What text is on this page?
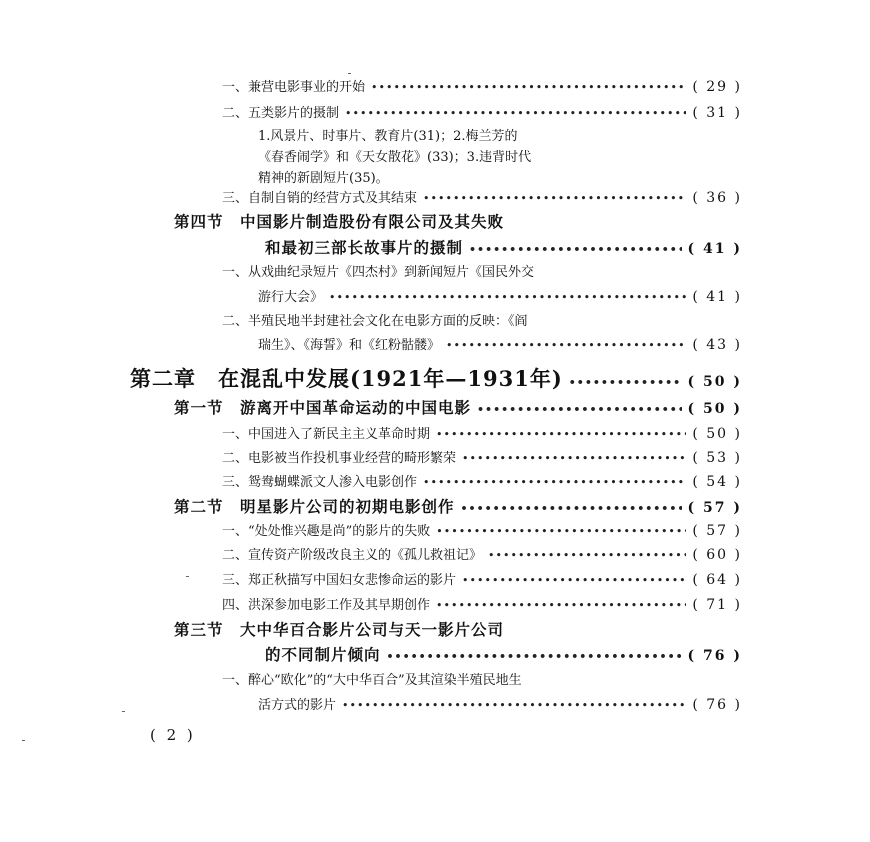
一、兼营电影事业的开始 •••••	( 29 )
二、五类影片的摄制 •••••	( 31 )
1.风景片、时事片、教育片(31)；2.梅兰芳的
《春香闹学》和《天女散花》(33)；3.违背时代
精神的新剧短片(35)。
三、自制自销的经营方式及其结束 •••••	( 36 )
第四节　中国影片制造股份有限公司及其失败
和最初三部长故事片的摄制 •••••	( 41 )
一、从戏曲纪录短片《四杰村》到新闻短片《国民外交
游行大会》 •••••	( 41 )
二、半殖民地半封建社会文化在电影方面的反映：《阎
瑞生》、《海誓》和《红粉骷髅》 •••••	( 43 )
第二章　在混乱中发展(1921年—1931年) •••••	( 50 )
第一节　游离开中国革命运动的中国电影 •••••	( 50 )
一、中国进入了新民主主义革命时期 •••••	( 50 )
二、电影被当作投机事业经营的畸形繁荣 •••••	( 53 )
三、鸳鸯蝴蝶派文人渗入电影创作 •••••	( 54 )
第二节　明星影片公司的初期电影创作 •••••	( 57 )
一、“处处惟兴趣是尚”的影片的失败 •••••	( 57 )
二、宣传资产阶级改良主义的《孤儿救祖记》 •••••	( 60 )
三、郑正秋描写中国妇女悲惨命运的影片 •••••	( 64 )
四、洪深参加电影工作及其早期创作 •••••	( 71 )
第三节　大中华百合影片公司与天一影片公司
的不同制片倾向 •••••	( 76 )
一、醉心“欧化”的“大中华百合”及其渲染半殖民地生
活方式的影片 •••••	( 76 )
( 2 )
